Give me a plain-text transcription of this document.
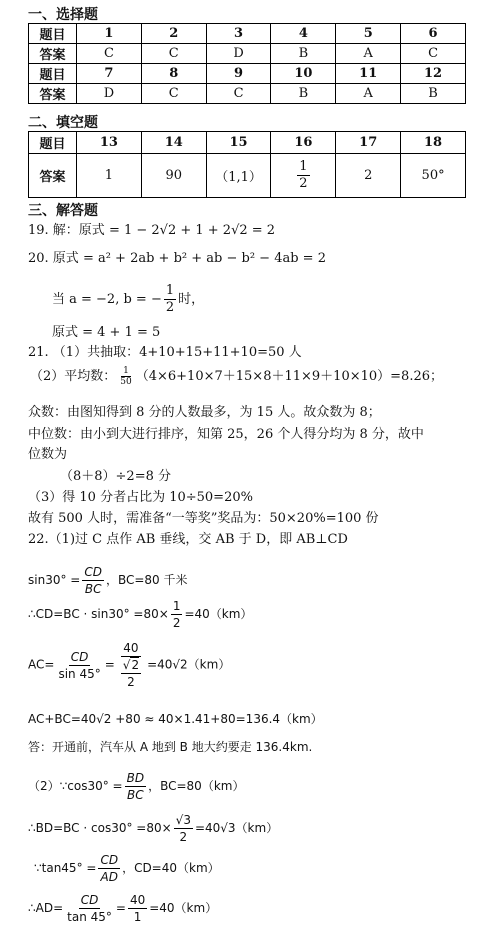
一、选择题
题目	1	2	3	4	5	6
答案	C	C	D	B	A	C
题目	7	8	9	10	11	12
答案	D	C	C	B	A	B
二、填空题
题目	13	14	15	16	17	18
答案	1	90	（1,1）	$\frac{1}{2}$	2	50°
三、解答题
19. 解：原式 = 1 − 2√2 + 1 + 2√2 = 2
20. 原式 = a² + 2ab + b² + ab − b² − 4ab = 2
当 a = −2, b = − $\frac{1}{2}$ 时，
原式 = 4 + 1 = 5
21. （1）共抽取：4+10+15+11+10=50 人
（2）平均数： $\frac{1}{50} (4\times 6+10\times 7+15\times 8+11\times 9+10\times 10)=8.26$；
众数：由图知得到 8 分的人数最多，为 15 人。故众数为 8；
中位数：由小到大进行排序，知第 25，26 个人得分均为 8 分，故中
位数为
（8＋8）÷2=8 分
（3）得 10 分者占比为 10÷50=20%
故有 500 人时，需准备“一等奖”奖品为：50×20%=100 份
22.（1)过 C 点作 AB 垂线，交 AB 于 D，即 AB⊥CD
$\sin 30^\circ = \frac{CD}{BC}$ ，BC=80 千米
∴CD=BC · $\sin 30^\circ =80\times \frac{1}{2} =40(km)$
$AC= \frac{CD}{\sin 45^\circ} = \frac{40}{\frac{√2}{2}} =40√2(km)$
AC+BC=40√2 +80 ≈ 40×1.41+80=136.4（km）
答：开通前，汽车从 A 地到 B 地大约要走 136.4km.
（2）∵cos30° = $\frac{BD}{BC}$ ，BC=80（km）
∴BD=BC · $\cos 30^\circ =80\times \frac{√3}{2} =40√3(km)$
∵tan45° = $\frac{CD}{AD}$ ，CD=40（km）
∴AD= $\frac{CD}{\tan 45^\circ} = \frac{40}{1} =40(km)$
